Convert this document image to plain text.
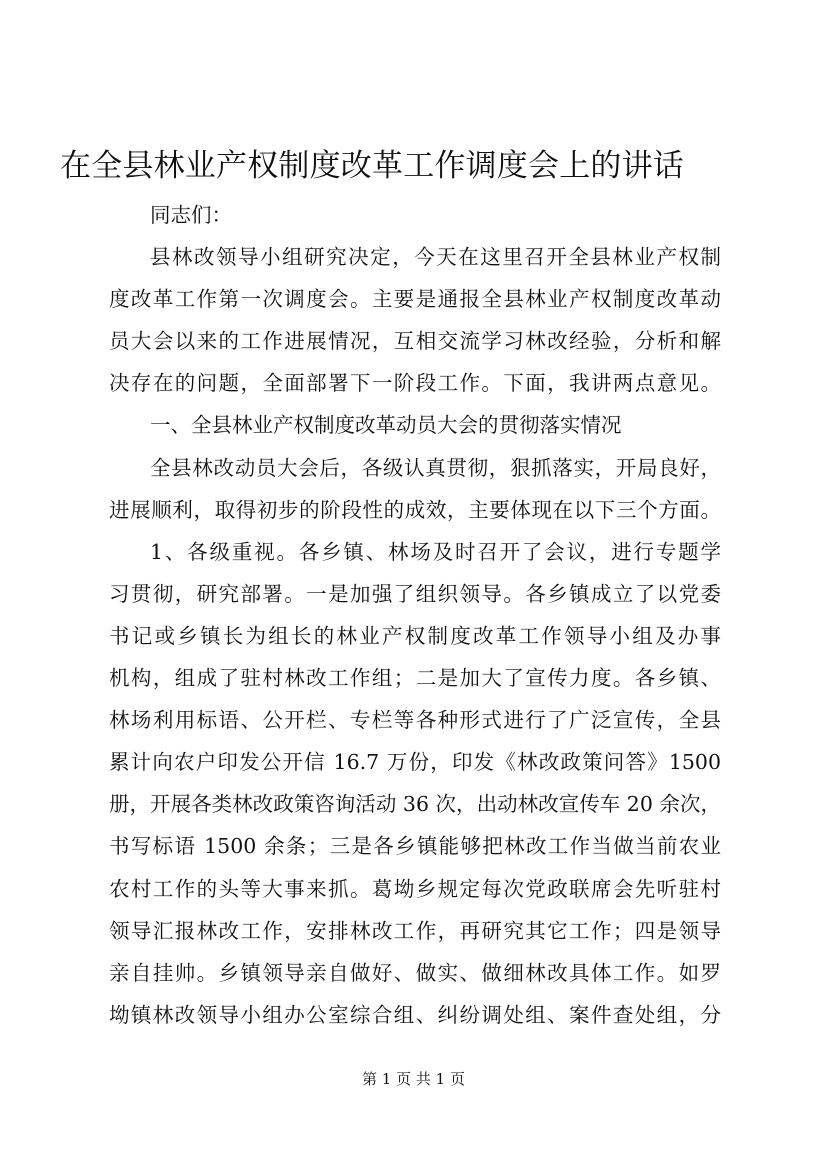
在全县林业产权制度改革工作调度会上的讲话
同志们：
县林改领导小组研究决定，今天在这里召开全县林业产权制
度改革工作第一次调度会。主要是通报全县林业产权制度改革动
员大会以来的工作进展情况，互相交流学习林改经验，分析和解
决存在的问题，全面部署下一阶段工作。下面，我讲两点意见。
一、全县林业产权制度改革动员大会的贯彻落实情况
全县林改动员大会后，各级认真贯彻，狠抓落实，开局良好，
进展顺利，取得初步的阶段性的成效，主要体现在以下三个方面。
1、各级重视。各乡镇、林场及时召开了会议，进行专题学
习贯彻，研究部署。一是加强了组织领导。各乡镇成立了以党委
书记或乡镇长为组长的林业产权制度改革工作领导小组及办事
机构，组成了驻村林改工作组；二是加大了宣传力度。各乡镇、
林场利用标语、公开栏、专栏等各种形式进行了广泛宣传，全县
累计向农户印发公开信 16.7 万份，印发《林改政策问答》1500
册，开展各类林改政策咨询活动 36 次，出动林改宣传车 20 余次，
书写标语 1500 余条；三是各乡镇能够把林改工作当做当前农业
农村工作的头等大事来抓。葛坳乡规定每次党政联席会先听驻村
领导汇报林改工作，安排林改工作，再研究其它工作；四是领导
亲自挂帅。乡镇领导亲自做好、做实、做细林改具体工作。如罗
坳镇林改领导小组办公室综合组、纠纷调处组、案件查处组，分
第 1 页 共 1 页
